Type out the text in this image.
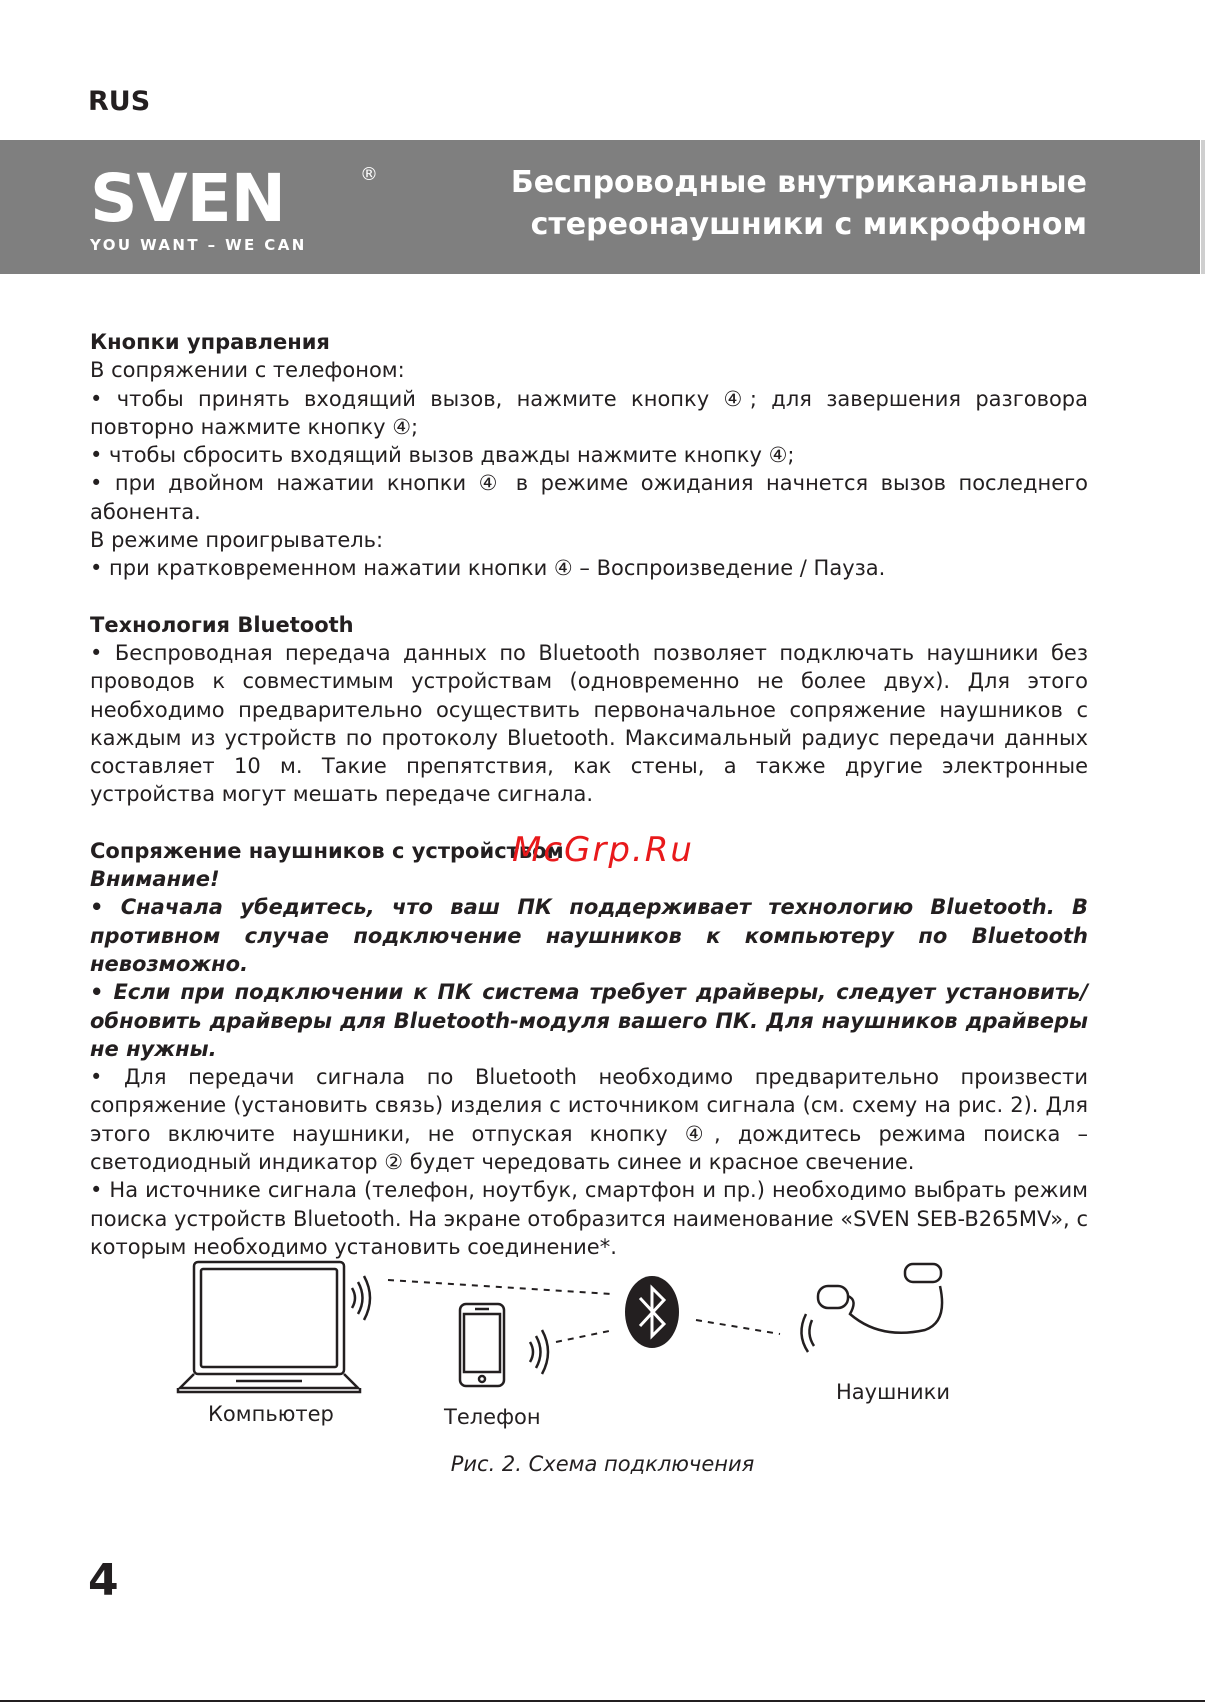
RUS
SVEN	®
YOU WANT – WE CAN
Беспроводные внутриканальные
стереонаушники с микрофоном

Кнопки управления

В сопряжении с телефоном:

• чтобы принять входящий вызов, нажмите кнопку ④; для завершения разговора повторно нажмите кнопку ④;

• чтобы сбросить входящий вызов дважды нажмите кнопку ④;

• при двойном нажатии кнопки ④ в режиме ожидания начнется вызов последнего абонента.

В режиме проигрыватель:

• при кратковременном нажатии кнопки ④ – Воспроизведение / Пауза.

Технология Bluetooth

• Беспроводная передача данных по Bluetooth позволяет подключать наушники без проводов к совместимым устройствам (одновременно не более двух). Для этого необходимо предварительно осуществить первоначальное сопряжение наушников с каждым из устройств по протоколу Bluetooth. Максимальный радиус передачи данных составляет 10 м. Такие препятствия, как стены, а также другие электронные устройства могут мешать передаче сигнала.

Сопряжение наушников с устройством

Внимание!

• Сначала убедитесь, что ваш ПК поддерживает технологию Bluetooth. В противном случае подключение наушников к компьютеру по Bluetooth невозможно.

• Если при подключении к ПК система требует драйверы, следует установить/обновить драйверы для Bluetooth-модуля вашего ПК. Для наушников драйверы не нужны.

• Для передачи сигнала по Bluetooth необходимо предварительно произвести сопряжение (установить связь) изделия с источником сигнала (см. схему на рис. 2). Для этого включите наушники, не отпуская кнопку ④, дождитесь режима поиска – светодиодный индикатор ② будет чередовать синее и красное свечение.

• На источнике сигнала (телефон, ноутбук, смартфон и пр.) необходимо выбрать режим поиска устройств Bluetooth. На экране отобразится наименование «SVEN SEB-B265MV», с которым необходимо установить соединение*.

McGrp.Ru
Компьютер	Телефон
Наушники
Рис. 2. Схема подключения
4
